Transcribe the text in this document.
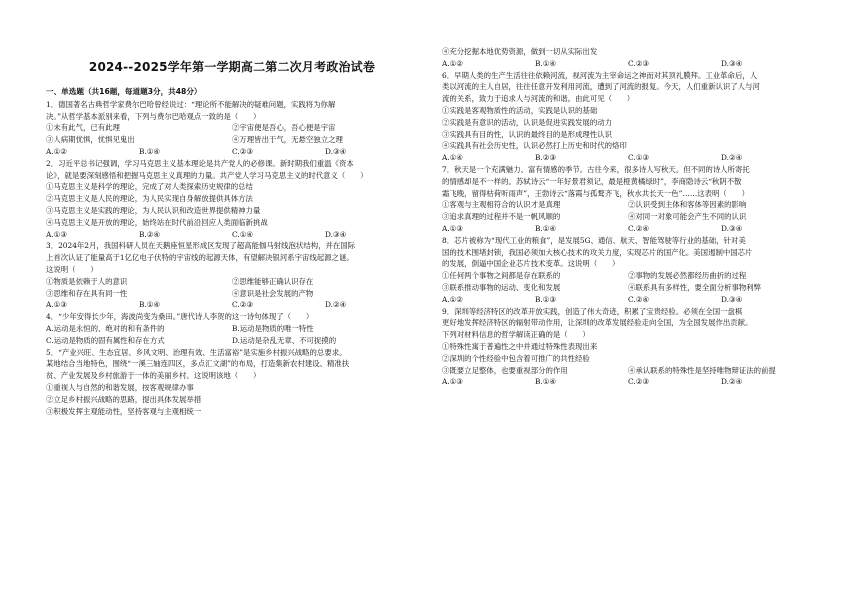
2024--2025学年第一学期高二第二次月考政治试卷
一、单选题（共16题，每道题3分，共48分）
1．德国著名古典哲学家费尔巴哈曾经说过：“理论所不能解决的疑难问题，实践将为你解
决。”从哲学基本派别来看，下列与费尔巴哈观点一致的是（　　）
①未有此气，已有此理	②宇宙便是吾心，吾心便是宇宙
③人病期忧惧，忧惧见鬼出	④万理皆出于气，无悬空独立之理
A.①②	B.①④	C.②③	D.③④
2．习近平总书记强调，学习马克思主义基本理论是共产党人的必修课。新时期我们重温《资本
论》，就是要深刻感悟和把握马克思主义真理的力量。共产党人学习马克思主义的时代意义（　　）
①马克思主义是科学的理论，完成了对人类探索历史规律的总结
②马克思主义是人民的理论，为人民实现自身解放提供具体方法
③马克思主义是实践的理论，为人民认识和改造世界提供精神力量
④马克思主义是开放的理论，始终站在时代前沿回应人类面临新挑战
A.①③	B.②④	C.①④	D.③④
3．2024年2月，我国科研人员在天鹅座恒星形成区发现了超高能伽马射线泡状结构，并在国际
上首次认证了能量高于1亿亿电子伏特的宇宙线的起源天体，有望解决银河系宇宙线起源之谜。
这说明（　　）
①物质是依赖于人的意识	②思维能够正确认识存在
③思维和存在具有同一性	④意识是社会发展的产物
A.①③	B.①④	C.②③	D.②④
4．“少年安得长少年，海波尚变为桑田。”唐代诗人李贺的这一诗句体现了（　　）
A.运动是永恒的、绝对的和有条件的	B.运动是物质的唯一特性
C.运动是物质的固有属性和存在方式	D.运动是杂乱无章、不可捉摸的
5．“产业兴旺、生态宜居、乡风文明、治理有效、生活富裕”是实施乡村振兴战略的总要求。
某地结合当地特色，围绕“一溪三轴连四区，多点汇文湖”的布局，打造集新农村建设、精准扶
贫、产业发展及乡村旅游于一体的美丽乡村。这说明该地（　　）
①重视人与自然的和谐发展，按客观规律办事
②立足乡村振兴战略的思路，提出具体发展举措
③积极发挥主观能动性，坚持客观与主观相统一
④充分挖掘本地优势资源，做到一切从实际出发
A.①②	B.①④	C.②③	D.③④
6．早期人类的生产生活往往依赖河流，视河流为主宰命运之神而对其顶礼膜拜。工业革命后，人
类以河流的主人自居，往往任意开发利用河流，遭到了河流的报复。今天，人们重新认识了人与河
流的关系，致力于追求人与河流的和谐。由此可见（　　）
①实践是客观物质性的活动，实践是认识的基础
②实践是有意识的活动，认识是促进实践发展的动力
③实践具有目的性，认识的最终目的是形成理性认识
④实践具有社会历史性，认识必然打上历史和时代的烙印
A.①④	B.②③	C.①③	D.②④
7．秋天是一个充满魅力、富有情感的季节。古往今来，很多诗人写秋天。但不同的诗人所寄托
的情感却是不一样的。苏轼诗云“一年好景君须记，最是橙黄橘绿时”，李商隐诗云“秋阴不散
霜飞晚，留得枯荷听雨声”，王勃诗云“落霞与孤鹜齐飞，秋水共长天一色”……这表明（　　）
①客观与主观相符合的认识才是真理	②认识受到主体和客体等因素的影响
③追求真理的过程并不是一帆风顺的	④对同一对象可能会产生不同的认识
A.①③	B.①④	C.②④	D.③④
8．芯片被称为“现代工业的粮食”，是发展5G、通信、航天、智能驾驶等行业的基础，针对美
国的技术围堵封锁，我国必须加大核心技术的攻关力度，实现芯片的国产化。美国遏制中国芯片
的发展，倒逼中国企业芯片技术变革。这说明（　　）
①任何两个事物之间都是存在联系的	②事物的发展必然都经历曲折的过程
③联系推动事物的运动、变化和发展	④联系具有多样性，要全面分析事物利弊
A.①②	B.①③	C.②④	D.③④
9．深圳等经济特区的改革开放实践，创造了伟大奇迹，积累了宝贵经验。必须在全国一盘棋
更好地发挥经济特区的辐射带动作用，让深圳的改革发展经验走向全国，为全国发展作出贡献。
下列对材料信息的哲学解读正确的是（　　）
①特殊性寓于普遍性之中并通过特殊性表现出来
②深圳的个性经验中包含着可推广的共性经验
③既要立足整体，也要重视部分的作用	④承认联系的特殊性是坚持唯物辩证法的前提
A.①③	B.①④	C.②③	D.②④
